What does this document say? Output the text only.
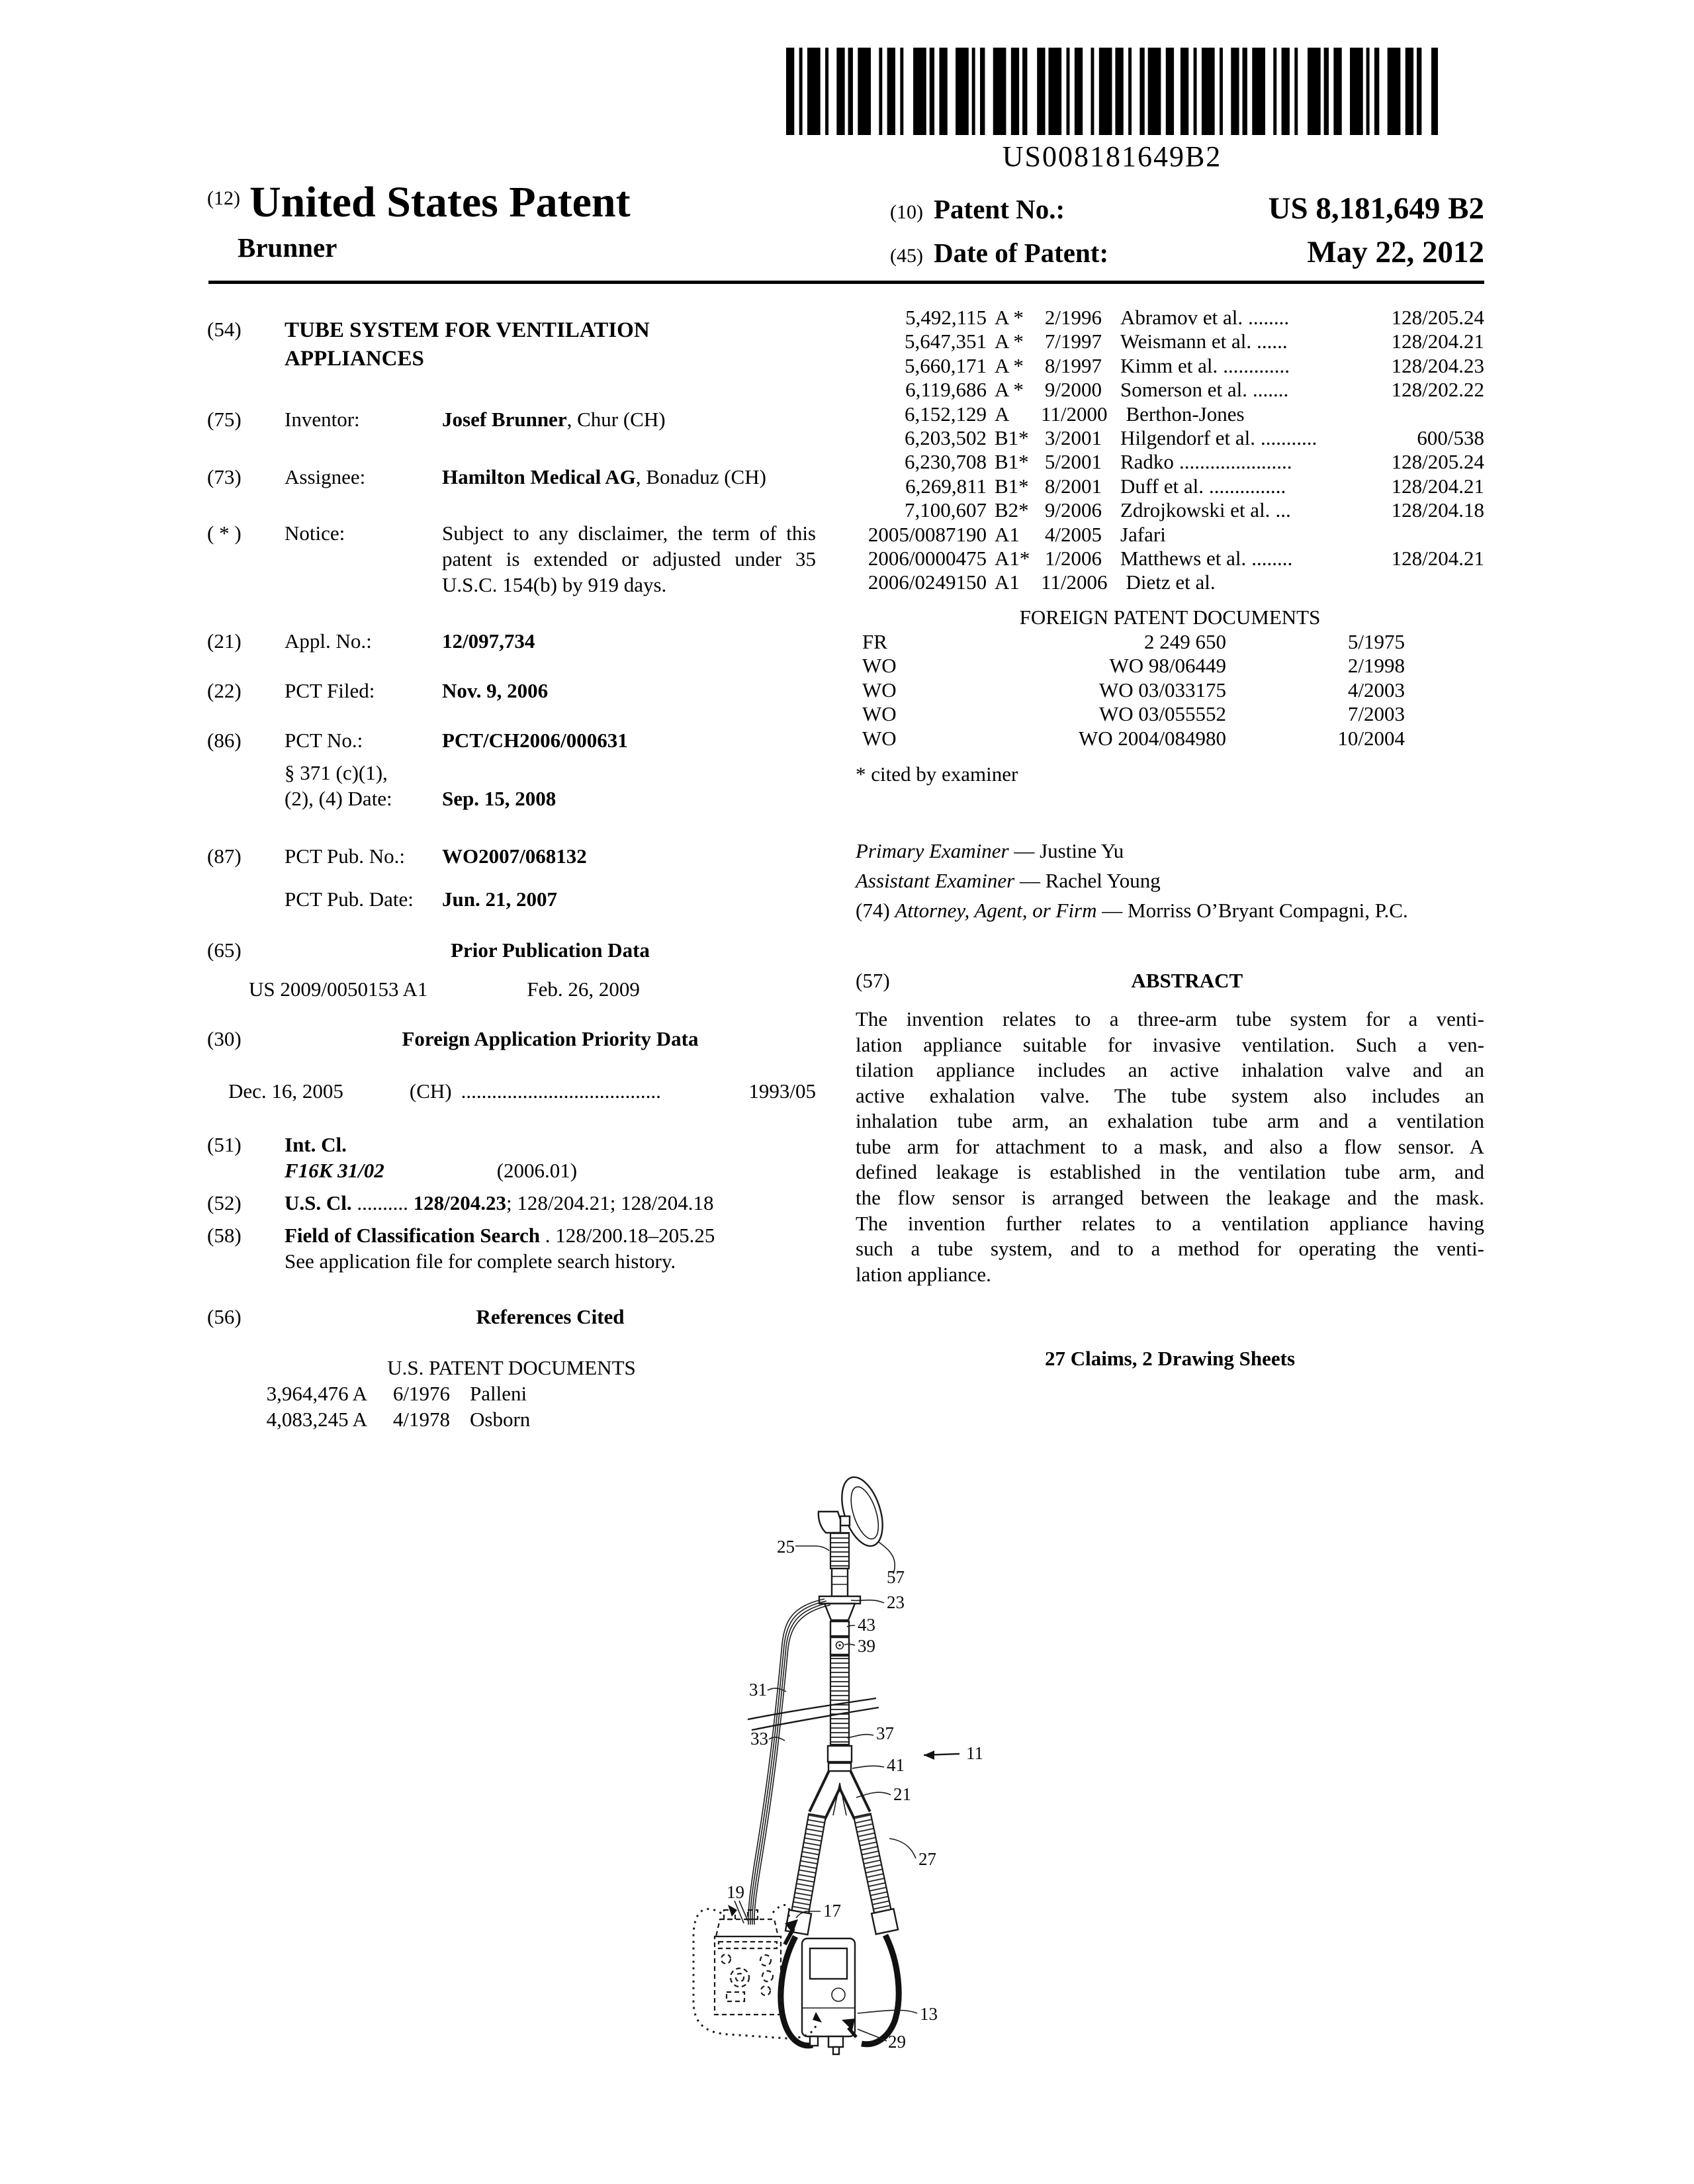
US008181649B2
(12) United States Patent
Brunner
(10) Patent No.:	US 8,181,649 B2
(45) Date of Patent:	May 22, 2012
(54)	TUBE SYSTEM FOR VENTILATION
APPLIANCES
(75)	Inventor:	Josef Brunner, Chur (CH)
(73)	Assignee:	Hamilton Medical AG, Bonaduz (CH)
( * )	Notice:	Subject to any disclaimer, the term of this
patent is extended or adjusted under 35
U.S.C. 154(b) by 919 days.
(21)	Appl. No.:	12/097,734
(22)	PCT Filed:	Nov. 9, 2006
(86)	PCT No.:	PCT/CH2006/000631
§ 371 (c)(1),
(2), (4) Date:	Sep. 15, 2008
(87)	PCT Pub. No.:	WO2007/068132
PCT Pub. Date:	Jun. 21, 2007
(65)	Prior Publication Data
US 2009/0050153 A1	Feb. 26, 2009
(30)	Foreign Application Priority Data
Dec. 16, 2005	(CH) .......................................	1993/05
(51)	Int. Cl.
F16K 31/02	(2006.01)
(52)	U.S. Cl. .......... 128/204.23; 128/204.21; 128/204.18
(58)	Field of Classification Search . 128/200.18–205.25
See application file for complete search history.
(56)	References Cited
U.S. PATENT DOCUMENTS
3,964,476 A	6/1976 Palleni
4,083,245 A	4/1978 Osborn
5,492,115 A *	2/1996 Abramov et al. ........	128/205.24
5,647,351 A *	7/1997 Weismann et al. ......	128/204.21
5,660,171 A *	8/1997 Kimm et al. .............	128/204.23
6,119,686 A *	9/2000 Somerson et al. .......	128/202.22
6,152,129 A	11/2000 Berthon-Jones
6,203,502 B1* 3/2001 Hilgendorf et al. ...........	600/538
6,230,708 B1* 5/2001 Radko ......................	128/205.24
6,269,811 B1* 8/2001 Duff et al. ...............	128/204.21
7,100,607 B2* 9/2006 Zdrojkowski et al. ...	128/204.18
2005/0087190 A1	4/2005 Jafari
2006/0000475 A1* 1/2006 Matthews et al. ........	128/204.21
2006/0249150 A1	11/2006 Dietz et al.
FOREIGN PATENT DOCUMENTS
FR	2 249 650	5/1975
WO	WO 98/06449	2/1998
WO	WO 03/033175	4/2003
WO	WO 03/055552	7/2003
WO	WO 2004/084980	10/2004
* cited by examiner
Primary Examiner — Justine Yu
Assistant Examiner — Rachel Young
(74) Attorney, Agent, or Firm — Morriss O’Bryant Compagni, P.C.
(57)	ABSTRACT
The invention relates to a three-arm tube system for a venti-
lation appliance suitable for invasive ventilation. Such a ven-
tilation appliance includes an active inhalation valve and an
active exhalation valve. The tube system also includes an
inhalation tube arm, an exhalation tube arm and a ventilation
tube arm for attachment to a mask, and also a flow sensor. A
defined leakage is established in the ventilation tube arm, and
the flow sensor is arranged between the leakage and the mask.
The invention further relates to a ventilation appliance having
such a tube system, and to a method for operating the venti-
lation appliance.
27 Claims, 2 Drawing Sheets
25
57
23
43
39
31
33	37
41
11
21
19
17
27
13
29
